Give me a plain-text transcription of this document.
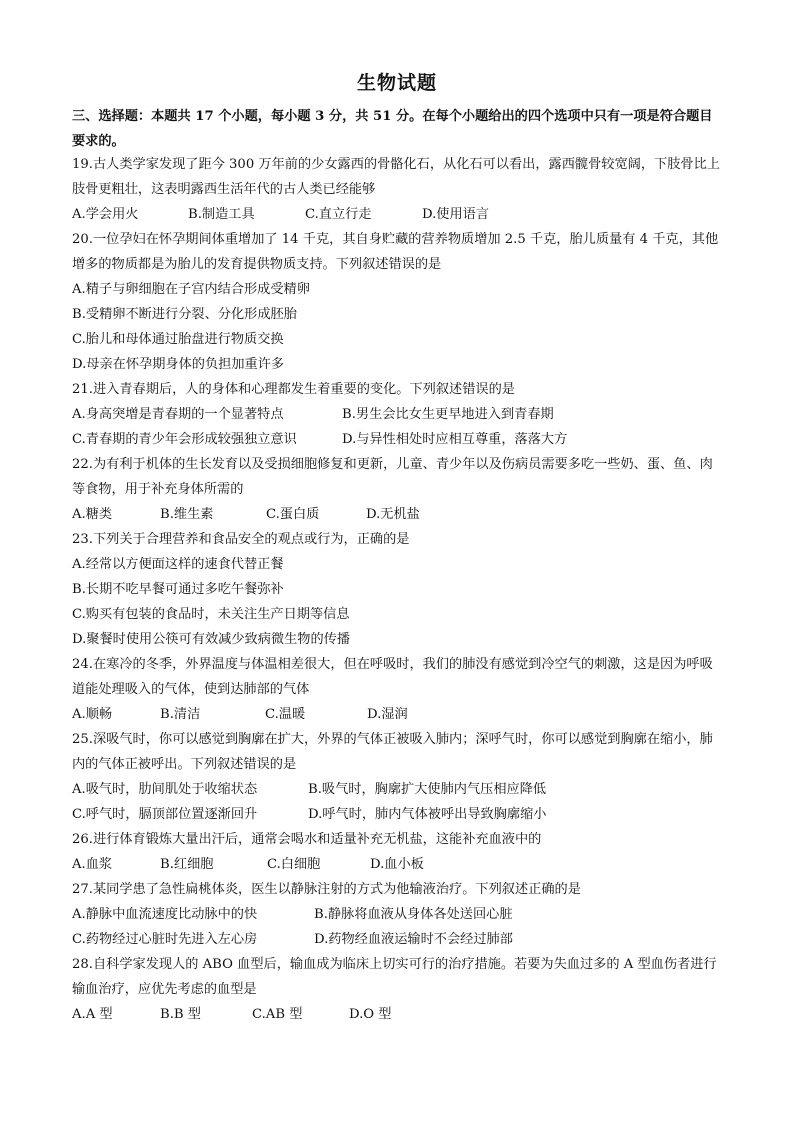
生物试题
三、选择题：本题共 17 个小题，每小题 3 分，共 51 分。在每个小题给出的四个选项中只有一项是符合题目要求的。

19.古人类学家发现了距今 300 万年前的少女露西的骨骼化石，从化石可以看出，露西髋骨较宽阔，下肢骨比上肢骨更粗壮，这表明露西生活年代的古人类已经能够

A.学会用火	B.制造工具	C.直立行走	D.使用语言

20.一位孕妇在怀孕期间体重增加了 14 千克，其自身贮藏的营养物质增加 2.5 千克，胎儿质量有 4 千克，其他增多的物质都是为胎儿的发育提供物质支持。下列叙述错误的是

A.精子与卵细胞在子宫内结合形成受精卵

B.受精卵不断进行分裂、分化形成胚胎

C.胎儿和母体通过胎盘进行物质交换

D.母亲在怀孕期身体的负担加重许多

21.进入青春期后，人的身体和心理都发生着重要的变化。下列叙述错误的是

A.身高突增是青春期的一个显著特点	B.男生会比女生更早地进入到青春期
C.青春期的青少年会形成较强独立意识	D.与异性相处时应相互尊重，落落大方

22.为有利于机体的生长发育以及受损细胞修复和更新，儿童、青少年以及伤病员需要多吃一些奶、蛋、鱼、肉等食物，用于补充身体所需的

A.糖类	B.维生素	C.蛋白质	D.无机盐

23.下列关于合理营养和食品安全的观点或行为，正确的是

A.经常以方便面这样的速食代替正餐

B.长期不吃早餐可通过多吃午餐弥补

C.购买有包装的食品时，未关注生产日期等信息

D.聚餐时使用公筷可有效减少致病微生物的传播

24.在寒冷的冬季，外界温度与体温相差很大，但在呼吸时，我们的肺没有感觉到冷空气的刺激，这是因为呼吸道能处理吸入的气体，使到达肺部的气体

A.顺畅	B.清洁	C.温暖	D.湿润

25.深吸气时，你可以感觉到胸廓在扩大，外界的气体正被吸入肺内；深呼气时，你可以感觉到胸廓在缩小，肺内的气体正被呼出。下列叙述错误的是

A.吸气时，肋间肌处于收缩状态	B.吸气时，胸廓扩大使肺内气压相应降低
C.呼气时，膈顶部位置逐渐回升	D.呼气时，肺内气体被呼出导致胸廓缩小

26.进行体育锻炼大量出汗后，通常会喝水和适量补充无机盐，这能补充血液中的

A.血浆	B.红细胞	C.白细胞	D.血小板

27.某同学患了急性扁桃体炎，医生以静脉注射的方式为他输液治疗。下列叙述正确的是

A.静脉中血流速度比动脉中的快	B.静脉将血液从身体各处送回心脏
C.药物经过心脏时先进入左心房	D.药物经血液运输时不会经过肺部

28.自科学家发现人的 ABO 血型后，输血成为临床上切实可行的治疗措施。若要为失血过多的 A 型血伤者进行输血治疗，应优先考虑的血型是

A.A 型	B.B 型	C.AB 型	D.O 型
